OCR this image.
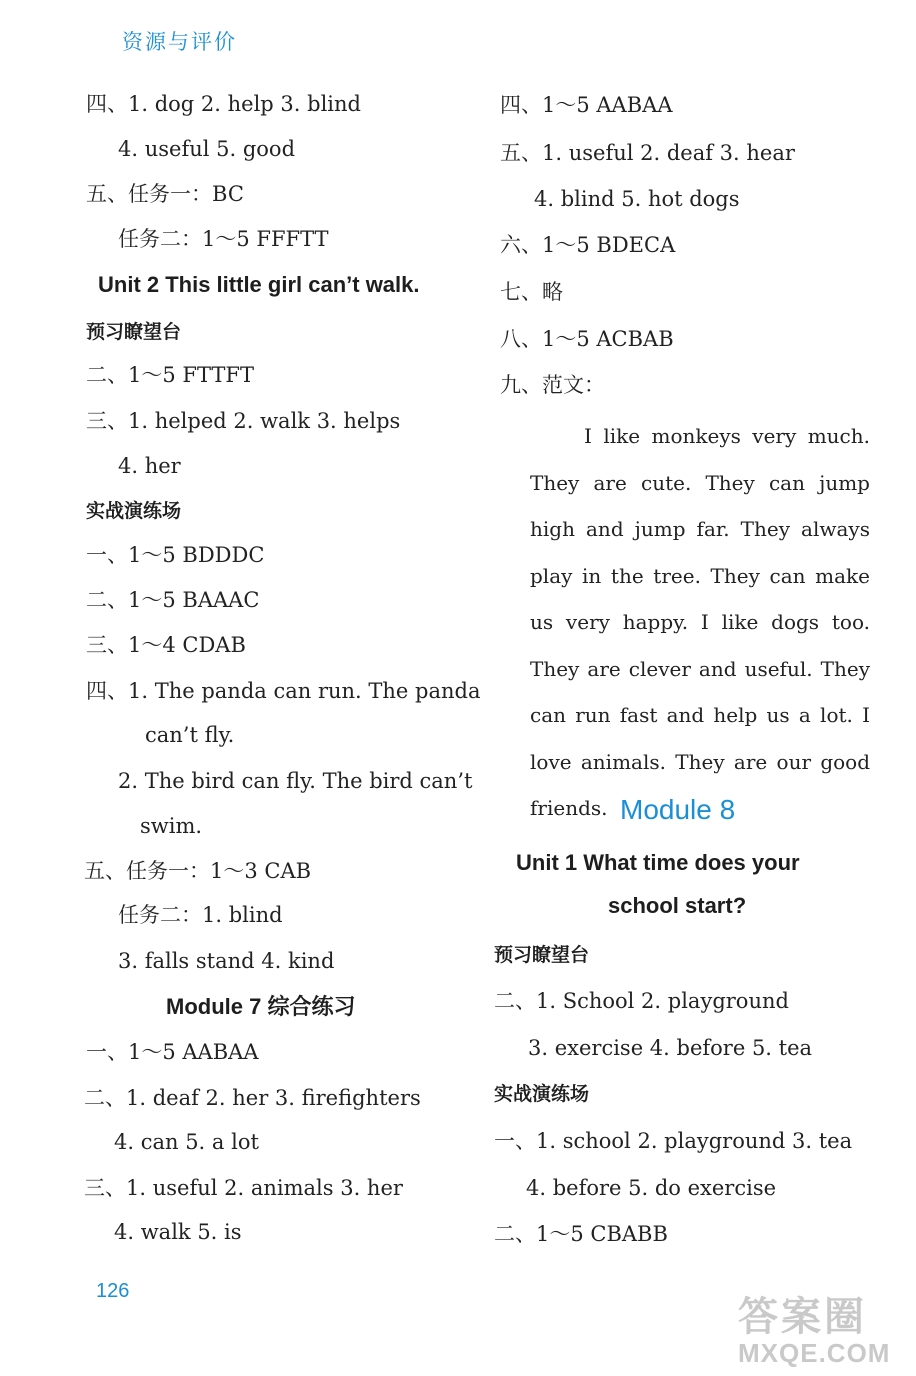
资源与评价
四、1. dog 2. help 3. blind
4. useful 5. good
五、任务一：BC
任务二：1～5 FFFTT
Unit 2 This little girl can’t walk.
预习瞭望台
二、1～5 FTTFT
三、1. helped 2. walk 3. helps
4. her
实战演练场
一、1～5 BDDDC
二、1～5 BAAAC
三、1～4 CDAB
四、1. The panda can run. The panda
can’t fly.
2. The bird can fly. The bird can’t
swim.
五、任务一：1～3 CAB
任务二：1. blind
3. falls stand 4. kind
Module 7 综合练习
一、1～5 AABAA
二、1. deaf 2. her 3. firefighters
4. can 5. a lot
三、1. useful 2. animals 3. her
4. walk 5. is
四、1～5 AABAA
五、1. useful 2. deaf 3. hear
4. blind 5. hot dogs
六、1～5 BDECA
七、略
八、1～5 ACBAB
九、范文：

I like monkeys very much. They are cute. They can jump high and jump far. They always play in the tree. They can make us very happy. I like dogs too. They are clever and useful. They can run fast and help us a lot. I love animals. They are our good friends. Module 8
Unit 1 What time does your
school start?
预习瞭望台
二、1. School 2. playground
3. exercise 4. before 5. tea
实战演练场
一、1. school 2. playground 3. tea
4. before 5. do exercise
二、1～5 CBABB
126
答案圈
MXQE.COM
